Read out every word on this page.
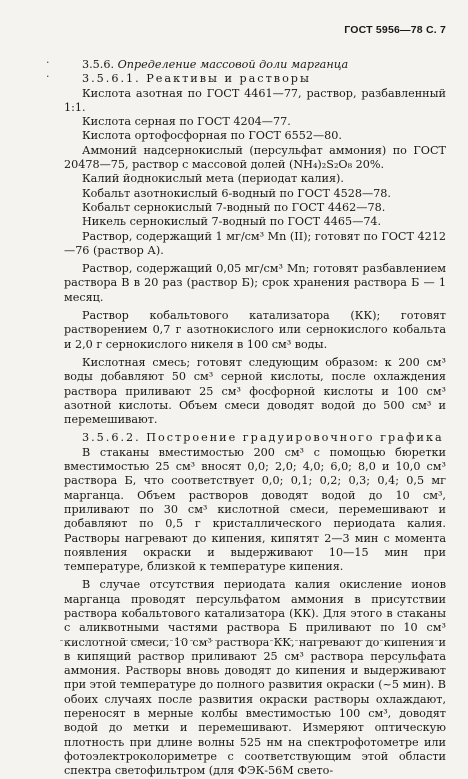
ГОСТ 5956—78 С. 7
·
·

3.5.6. Определение массовой доли марганца

3.5.6.1. Реактивы и растворы

Кислота азотная по ГОСТ 4461—77, раствор, разбавленный 1:1.

Кислота серная по ГОСТ 4204—77.

Кислота ортофосфорная по ГОСТ 6552—80.

Аммоний надсернокислый (персульфат аммония) по ГОСТ 20478—75, раствор с массовой долей (NH₄)₂S₂O₈ 20%.

Калий йоднокислый мета (периодат калия).

Кобальт азотнокислый 6-водный по ГОСТ 4528—78.

Кобальт сернокислый 7-водный по ГОСТ 4462—78.

Никель сернокислый 7-водный по ГОСТ 4465—74.

Раствор, содержащий 1 мг/см³ Mn (II); готовят по ГОСТ 4212—76 (раствор А).

Раствор, содержащий 0,05 мг/см³ Mn; готовят разбавлением раствора В в 20 раз (раствор Б); срок хранения раствора Б — 1 месяц.

Раствор кобальтового катализатора (КК); готовят растворением 0,7 г азотнокислого или сернокислого кобальта и 2,0 г сернокислого никеля в 100 см³ воды.

Кислотная смесь; готовят следующим образом: к 200 см³ воды добавляют 50 см³ серной кислоты, после охлаждения раствора приливают 25 см³ фосфорной кислоты и 100 см³ азотной кислоты. Объем смеси доводят водой до 500 см³ и перемешивают.

3.5.6.2. Построение градуировочного графика

В стаканы вместимостью 200 см³ с помощью бюретки вместимостью 25 см³ вносят 0,0; 2,0; 4,0; 6,0; 8,0 и 10,0 см³ раствора Б, что соответствует 0,0; 0,1; 0,2; 0,3; 0,4; 0,5 мг марганца. Объем растворов доводят водой до 10 см³, приливают по 30 см³ кислотной смеси, перемешивают и добавляют по 0,5 г кристаллического периодата калия. Растворы нагревают до кипения, кипятят 2—3 мин с момента появления окраски и выдерживают 10—15 мин при температуре, близкой к температуре кипения.

В случае отсутствия периодата калия окисление ионов марганца проводят персульфатом аммония в присутствии раствора кобальтового катализатора (КК). Для этого в стаканы с аликвотными частями раствора Б приливают по 10 см³ кислотной смеси, 10 см³ раствора КК, нагревают до кипения и в кипящий раствор приливают 25 см³ раствора персульфата аммония. Растворы вновь доводят до кипения и выдерживают при этой температуре до полного развития окраски (~5 мин). В обоих случаях после развития окраски растворы охлаждают, переносят в мерные колбы вместимостью 100 см³, доводят водой до метки и перемешивают. Измеряют оптическую плотность при длине волны 525 нм на спектрофотометре или фотоэлектроколориметре с соответствующим этой области спектра светофильтром (для ФЭК-56М свето-
